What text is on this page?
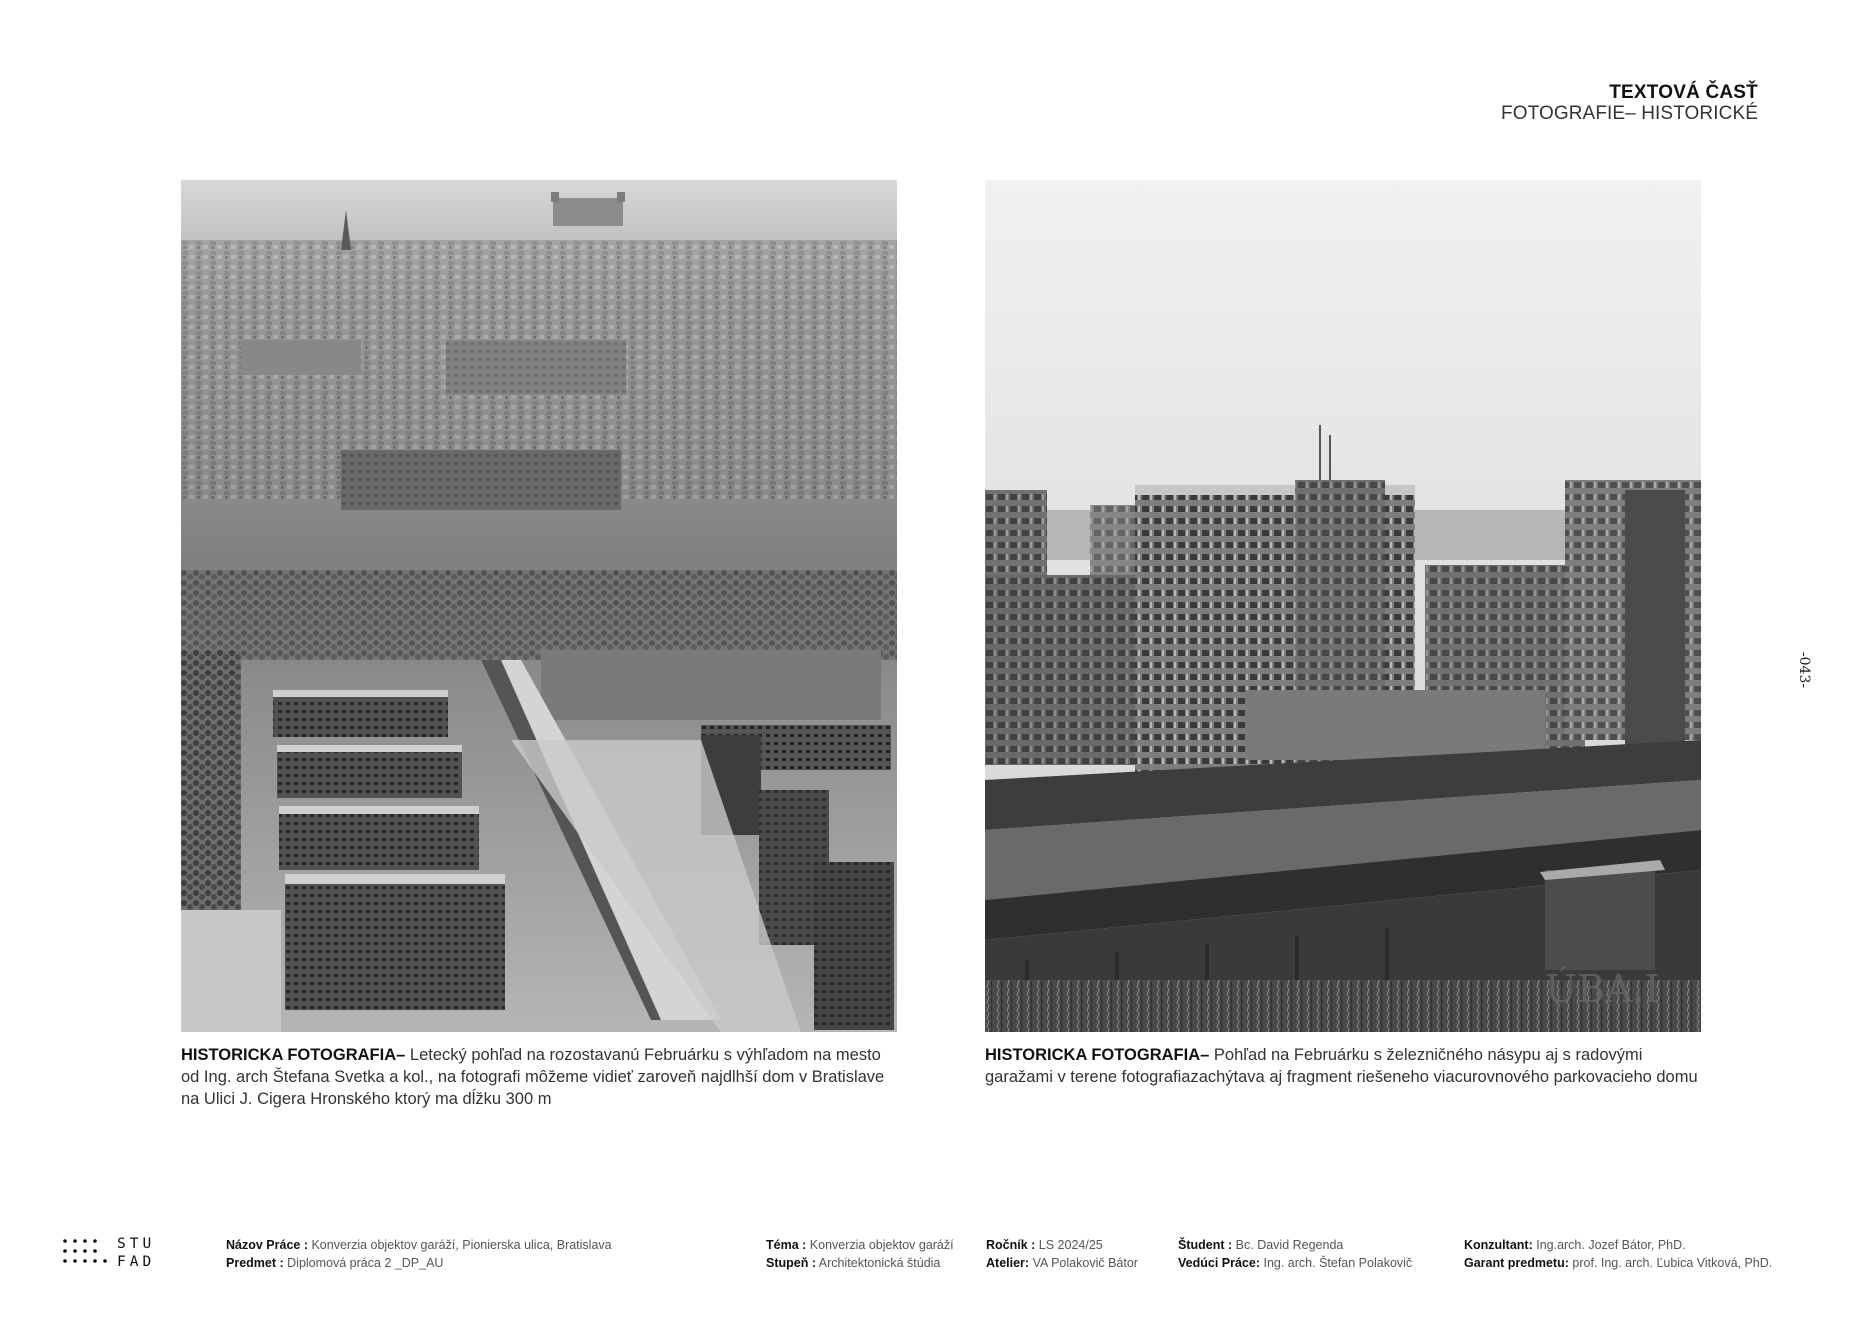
TEXTOVÁ ČASŤ
FOTOGRAFIE– HISTORICKÉ
-043-
ÚBA.I
HISTORICKA FOTOGRAFIA– Letecký pohľad na rozostavanú Februárku s výhľadom na mesto od Ing. arch Štefana Svetka a kol., na fotografi môžeme vidieť zaroveň najdlhší dom v Bratislave na Ulici J. Cigera Hronského ktorý ma dĺžku 300 m
HISTORICKA FOTOGRAFIA– Pohľad na Februárku s železničného násypu aj s radovými garažami v terene fotografiazachýtava aj fragment riešeneho viacurovnového parkovacieho domu
STU
FAD
Názov Práce : Konverzia objektov garáží, Pionierska ulica, Bratislava
Predmet : Diplomová práca 2 _DP_AU
Téma : Konverzia objektov garáží
Stupeň : Architektonická štúdia
Ročník : LS 2024/25
Atelier: VA Polakovič Bátor
Študent : Bc. David Regenda
Vedúci Práce: Ing. arch. Štefan Polakovič
Konzultant: Ing.arch. Jozef Bátor, PhD.
Garant predmetu: prof. Ing. arch. Ľubica Vitková, PhD.
